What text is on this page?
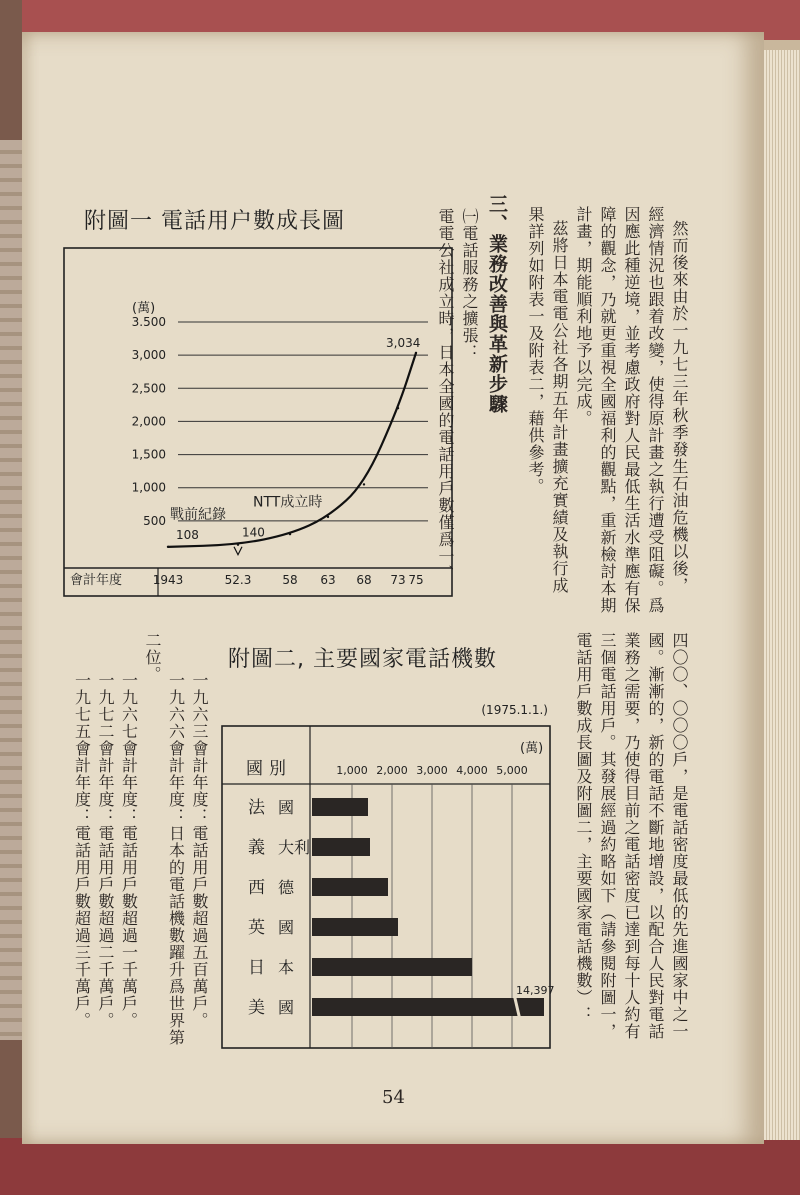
然而後來由於一九七三年秋季發生石油危機以後，
經濟情況也跟着改變，使得原計畫之執行遭受阻礙。爲
因應此種逆境，並考慮政府對人民最低生活水準應有保
障的觀念，乃就更重視全國福利的觀點，重新檢討本期
計畫，期能順利地予以完成。
茲將日本電電公社各期五年計畫擴充實績及執行成
果詳列如附表一及附表二，藉供參考。
三、業務改善與革新步驟
㈠電話服務之擴張：
電電公社成立時，日本全國的電話用戶數僅爲一、
四〇〇、〇〇〇戶，是電話密度最低的先進國家中之一
國。漸漸的，新的電話不斷地增設，以配合人民對電話
業務之需要，乃使得目前之電話密度已達到每十人約有
三個電話用戶。其發展經過約略如下（請參閱附圖一，
電話用戶數成長圖及附圖二，主要國家電話機數）：
一九六三會計年度：電話用戶數超過五百萬戶。
一九六六會計年度：日本的電話機數躍升爲世界第
二位。
一九六七會計年度：電話用戶數超過一千萬戶。
一九七二會計年度：電話用戶數超過二千萬戶。
一九七五會計年度：電話用戶數超過三千萬戶。
附圖一 電話用户數成長圖
3.500
3,000
2,500
2,000
1,500
1,000
500
(萬)
會計年度	1943	52.3	58 63 68 73 75
108	140
3,034
戰前紀錄
NTT成立時
附圖二, 主要國家電話機數
(1975.1.1.)
(萬)
國別	1,000 2,000 3,000 4,000 5,000
法 國
義 大利
西 德
英 國
日 本
美 國
14,397
54
